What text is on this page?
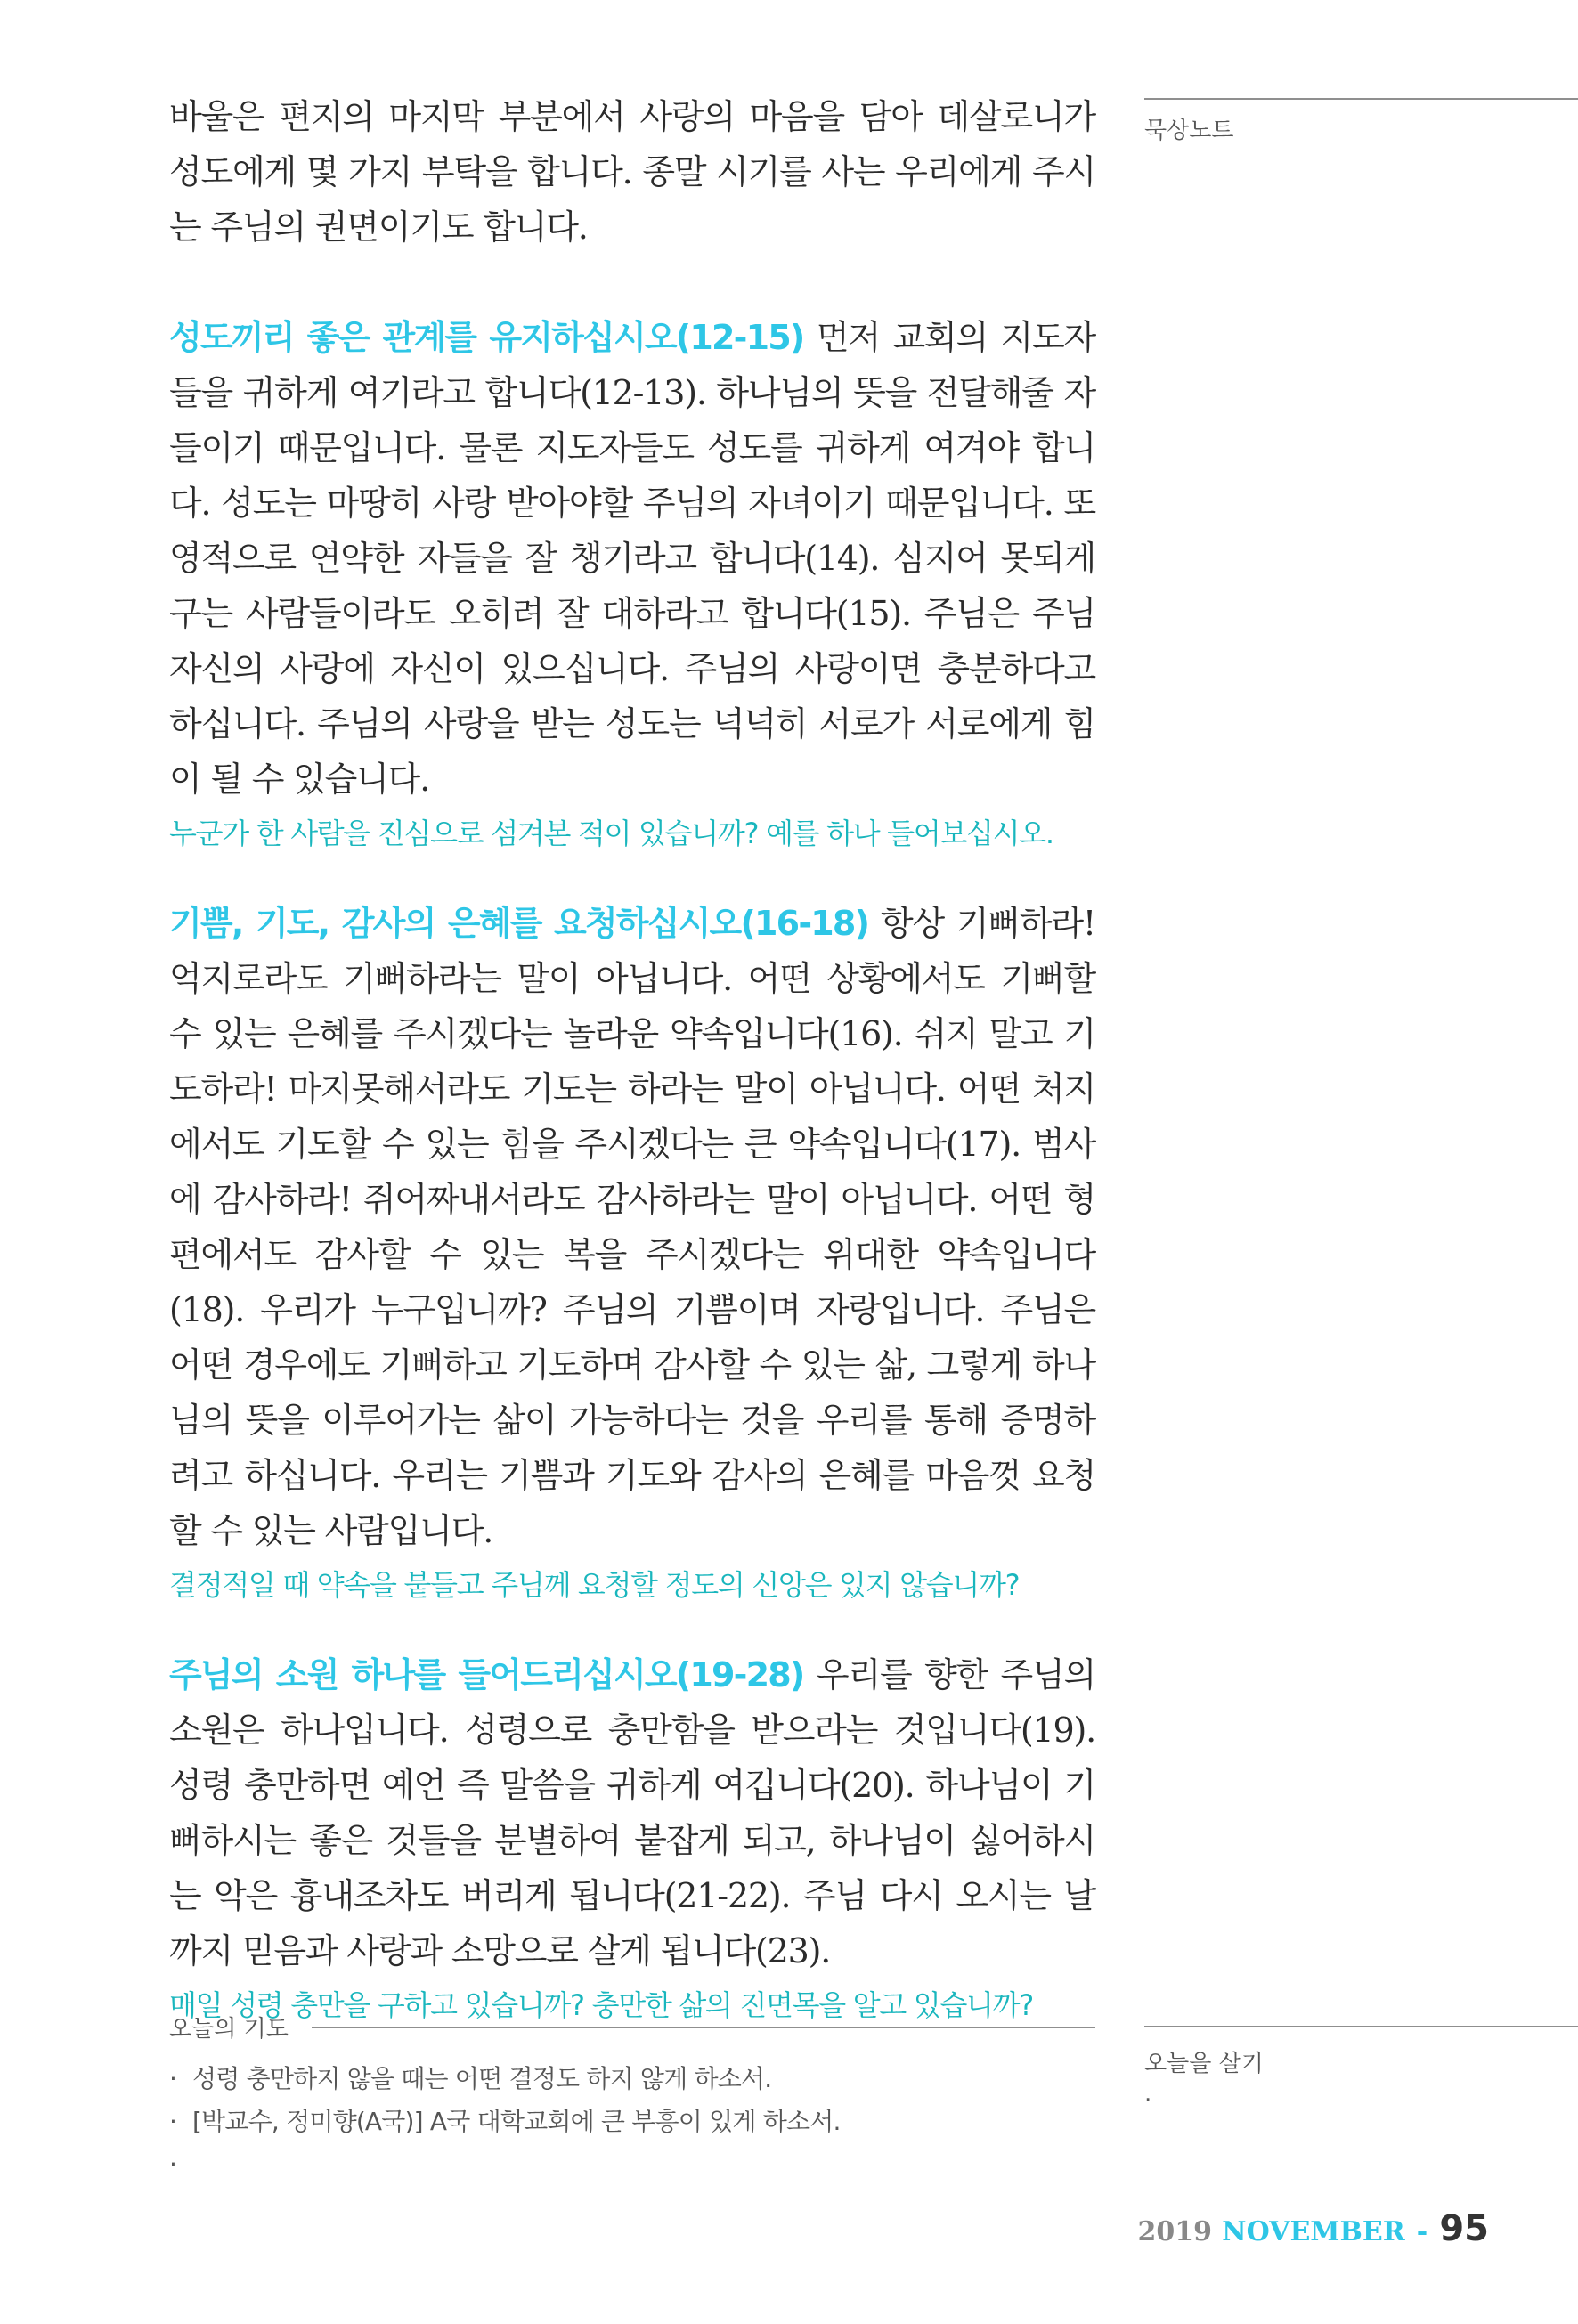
바울은 편지의 마지막 부분에서 사랑의 마음을 담아 데살로니가 성도에게 몇 가지 부탁을 합니다. 종말 시기를 사는 우리에게 주시는 주님의 권면이기도 합니다.

성도끼리 좋은 관계를 유지하십시오(12-15) 먼저 교회의 지도자들을 귀하게 여기라고 합니다(12-13). 하나님의 뜻을 전달해줄 자들이기 때문입니다. 물론 지도자들도 성도를 귀하게 여겨야 합니다. 성도는 마땅히 사랑 받아야할 주님의 자녀이기 때문입니다. 또 영적으로 연약한 자들을 잘 챙기라고 합니다(14). 심지어 못되게 구는 사람들이라도 오히려 잘 대하라고 합니다(15). 주님은 주님 자신의 사랑에 자신이 있으십니다. 주님의 사랑이면 충분하다고 하십니다. 주님의 사랑을 받는 성도는 넉넉히 서로가 서로에게 힘이 될 수 있습니다.

누군가 한 사람을 진심으로 섬겨본 적이 있습니까? 예를 하나 들어보십시오.

기쁨, 기도, 감사의 은혜를 요청하십시오(16-18) 항상 기뻐하라! 억지로라도 기뻐하라는 말이 아닙니다. 어떤 상황에서도 기뻐할 수 있는 은혜를 주시겠다는 놀라운 약속입니다(16). 쉬지 말고 기도하라! 마지못해서라도 기도는 하라는 말이 아닙니다. 어떤 처지에서도 기도할 수 있는 힘을 주시겠다는 큰 약속입니다(17). 범사에 감사하라! 쥐어짜내서라도 감사하라는 말이 아닙니다. 어떤 형편에서도 감사할 수 있는 복을 주시겠다는 위대한 약속입니다(18). 우리가 누구입니까? 주님의 기쁨이며 자랑입니다. 주님은 어떤 경우에도 기뻐하고 기도하며 감사할 수 있는 삶, 그렇게 하나님의 뜻을 이루어가는 삶이 가능하다는 것을 우리를 통해 증명하려고 하십니다. 우리는 기쁨과 기도와 감사의 은혜를 마음껏 요청할 수 있는 사람입니다.

결정적일 때 약속을 붙들고 주님께 요청할 정도의 신앙은 있지 않습니까?

주님의 소원 하나를 들어드리십시오(19-28) 우리를 향한 주님의 소원은 하나입니다. 성령으로 충만함을 받으라는 것입니다(19). 성령 충만하면 예언 즉 말씀을 귀하게 여깁니다(20). 하나님이 기뻐하시는 좋은 것들을 분별하여 붙잡게 되고, 하나님이 싫어하시는 악은 흉내조차도 버리게 됩니다(21-22). 주님 다시 오시는 날까지 믿음과 사랑과 소망으로 살게 됩니다(23).

매일 성령 충만을 구하고 있습니까? 충만한 삶의 진면목을 알고 있습니까?

묵상노트
오늘의 기도
· 성령 충만하지 않을 때는 어떤 결정도 하지 않게 하소서.
· [박교수, 정미향(A국)] A국 대학교회에 큰 부흥이 있게 하소서.
·
오늘을 살기
·
2019 NOVEMBER - 95
